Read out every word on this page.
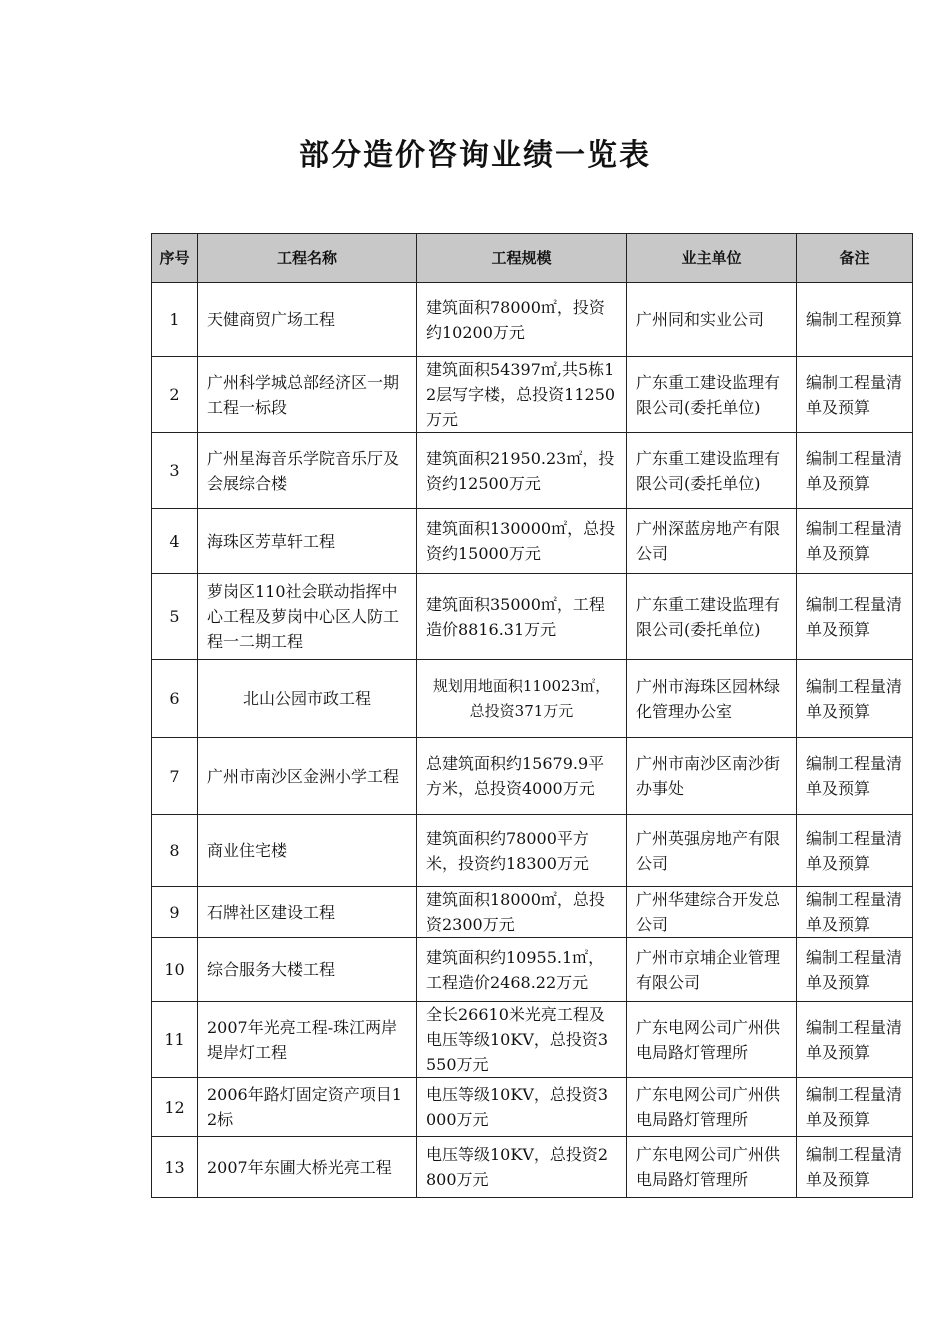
部分造价咨询业绩一览表
序号	工程名称	工程规模	业主单位	备注
1	天健商贸广场工程	建筑面积78000㎡，投资约10200万元	广州同和实业公司	编制工程预算
2	广州科学城总部经济区一期工程一标段	建筑面积54397㎡,共5栋12层写字楼，总投资11250万元	广东重工建设监理有限公司(委托单位)	编制工程量清单及预算
3	广州星海音乐学院音乐厅及会展综合楼	建筑面积21950.23㎡，投资约12500万元	广东重工建设监理有限公司(委托单位)	编制工程量清单及预算
4	海珠区芳草轩工程	建筑面积130000㎡，总投资约15000万元	广州深蓝房地产有限公司	编制工程量清单及预算
5	萝岗区110社会联动指挥中心工程及萝岗中心区人防工程一二期工程	建筑面积35000㎡，工程造价8816.31万元	广东重工建设监理有限公司(委托单位)	编制工程量清单及预算
6	北山公园市政工程	规划用地面积110023㎡，总投资371万元	广州市海珠区园林绿化管理办公室	编制工程量清单及预算
7	广州市南沙区金洲小学工程	总建筑面积约15679.9平方米，总投资4000万元	广州市南沙区南沙街办事处	编制工程量清单及预算
8	商业住宅楼	建筑面积约78000平方米，投资约18300万元	广州英强房地产有限公司	编制工程量清单及预算
9	石牌社区建设工程	建筑面积18000㎡，总投资2300万元	广州华建综合开发总公司	编制工程量清单及预算
10	综合服务大楼工程	建筑面积约10955.1㎡，工程造价2468.22万元	广州市京埔企业管理有限公司	编制工程量清单及预算
11	2007年光亮工程-珠江两岸堤岸灯工程	全长26610米光亮工程及电压等级10KV，总投资3550万元	广东电网公司广州供电局路灯管理所	编制工程量清单及预算
12	2006年路灯固定资产项目12标	电压等级10KV，总投资3000万元	广东电网公司广州供电局路灯管理所	编制工程量清单及预算
13	2007年东圃大桥光亮工程	电压等级10KV，总投资2800万元	广东电网公司广州供电局路灯管理所	编制工程量清单及预算
